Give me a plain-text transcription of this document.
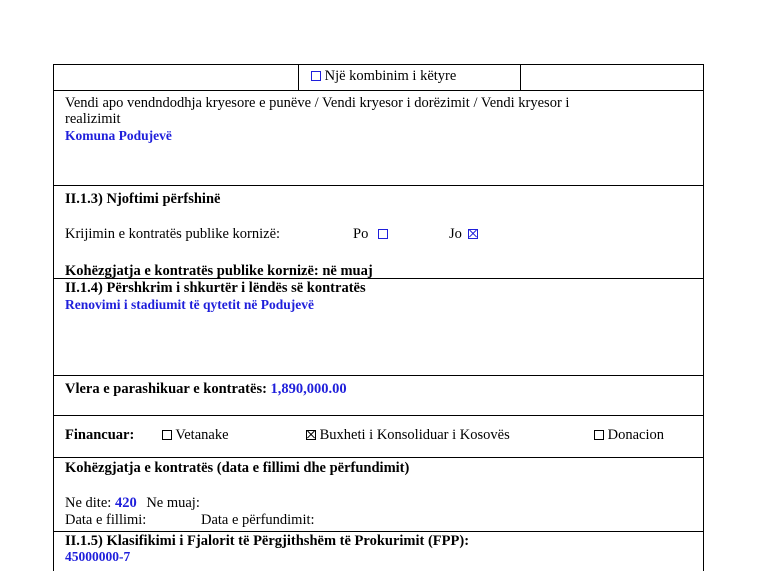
Një kombinim i këtyre
Vendi apo vendndodhja kryesore e punëve / Vendi kryesor i dorëzimit / Vendi kryesor i
realizimit
Komuna Podujevë
II.1.3) Njoftimi përfshinë
Krijimin e kontratës publike kornizë:	Po	Jo
Kohëzgjatja e kontratës publike kornizë: në muaj
II.1.4) Përshkrim i shkurtër i lëndës së kontratës
Renovimi i stadiumit të qytetit në Podujevë
Vlera e parashikuar e kontratës: 1,890,000.00
Financuar:	Vetanake	Buxheti i Konsoliduar i Kosovës	Donacion
Kohëzgjatja e kontratës (data e fillimi dhe përfundimit)
Ne dite: 420 Ne muaj:
Data e fillimi:	Data e përfundimit:
II.1.5) Klasifikimi i Fjalorit të Përgjithshëm të Prokurimit (FPP):
45000000-7
